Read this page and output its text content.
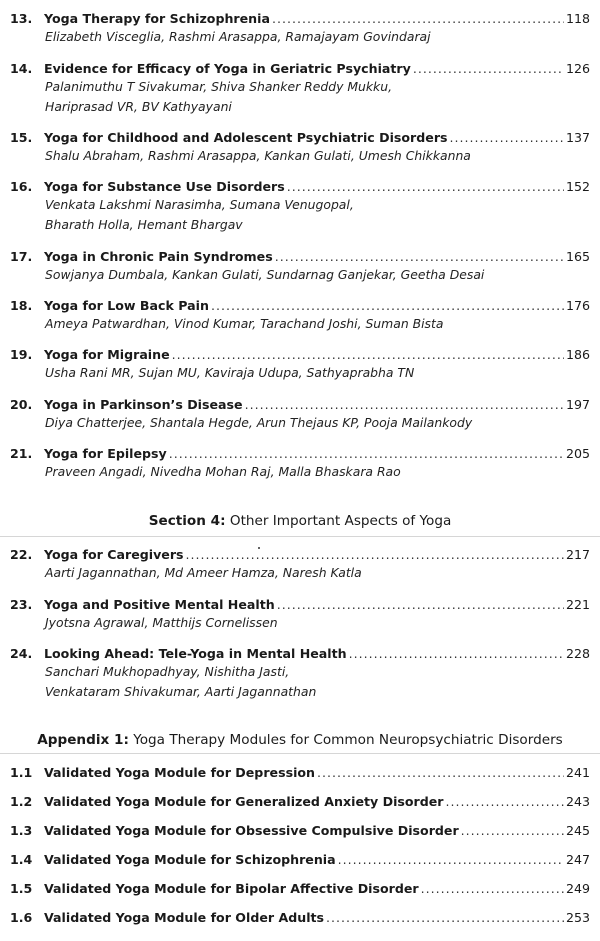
13. Yoga Therapy for Schizophrenia .....	118
Elizabeth Visceglia, Rashmi Arasappa, Ramajayam Govindaraj
14. Evidence for Efficacy of Yoga in Geriatric Psychiatry .....	126
Palanimuthu T Sivakumar, Shiva Shanker Reddy Mukku,
Hariprasad VR, BV Kathyayani
15. Yoga for Childhood and Adolescent Psychiatric Disorders .....	137
Shalu Abraham, Rashmi Arasappa, Kankan Gulati, Umesh Chikkanna
16. Yoga for Substance Use Disorders .....	152
Venkata Lakshmi Narasimha, Sumana Venugopal,
Bharath Holla, Hemant Bhargav
17. Yoga in Chronic Pain Syndromes .....	165
Sowjanya Dumbala, Kankan Gulati, Sundarnag Ganjekar, Geetha Desai
18. Yoga for Low Back Pain .....	176
Ameya Patwardhan, Vinod Kumar, Tarachand Joshi, Suman Bista
19. Yoga for Migraine .....	186
Usha Rani MR, Sujan MU, Kaviraja Udupa, Sathyaprabha TN
20. Yoga in Parkinson’s Disease .....	197
Diya Chatterjee, Shantala Hegde, Arun Thejaus KP, Pooja Mailankody
21. Yoga for Epilepsy .....	205
Praveen Angadi, Nivedha Mohan Raj, Malla Bhaskara Rao
Section 4: Other Important Aspects of Yoga
22. Yoga for Caregivers .....	217
Aarti Jagannathan, Md Ameer Hamza, Naresh Katla
23. Yoga and Positive Mental Health .....	221
Jyotsna Agrawal, Matthijs Cornelissen
24. Looking Ahead: Tele-Yoga in Mental Health .....	228
Sanchari Mukhopadhyay, Nishitha Jasti,
Venkataram Shivakumar, Aarti Jagannathan
Appendix 1: Yoga Therapy Modules for Common Neuropsychiatric Disorders
1.1 Validated Yoga Module for Depression .....	241
1.2 Validated Yoga Module for Generalized Anxiety Disorder .....	243
1.3 Validated Yoga Module for Obsessive Compulsive Disorder .....	245
1.4 Validated Yoga Module for Schizophrenia .....	247
1.5 Validated Yoga Module for Bipolar Affective Disorder .....	249
1.6 Validated Yoga Module for Older Adults .....	253
